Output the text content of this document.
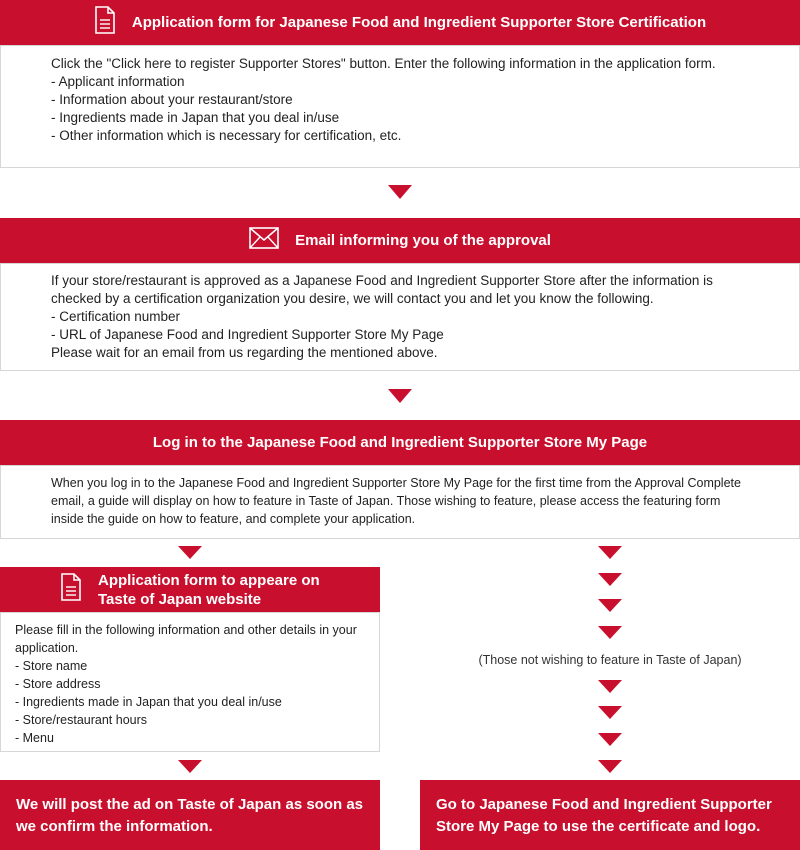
Application form for Japanese Food and Ingredient Supporter Store Certification
Click the "Click here to register Supporter Stores" button. Enter the following information in the application form.
- Applicant information
- Information about your restaurant/store
- Ingredients made in Japan that you deal in/use
- Other information which is necessary for certification, etc.
Email informing you of the approval
If your store/restaurant is approved as a Japanese Food and Ingredient Supporter Store after the information is checked by a certification organization you desire, we will contact you and let you know the following.
- Certification number
- URL of Japanese Food and Ingredient Supporter Store My Page
Please wait for an email from us regarding the mentioned above.
Log in to the Japanese Food and Ingredient Supporter Store My Page
When you log in to the Japanese Food and Ingredient Supporter Store My Page for the first time from the Approval Complete email, a guide will display on how to feature in Taste of Japan. Those wishing to feature, please access the featuring form inside the guide on how to feature, and complete your application.
Application form to appeare on Taste of Japan website
Please fill in the following information and other details in your application.
- Store name
- Store address
- Ingredients made in Japan that you deal in/use
- Store/restaurant hours
- Menu
(Those not wishing to feature in Taste of Japan)
We will post the ad on Taste of Japan as soon as we confirm the information.
Go to Japanese Food and Ingredient Supporter Store My Page to use the certificate and logo.
